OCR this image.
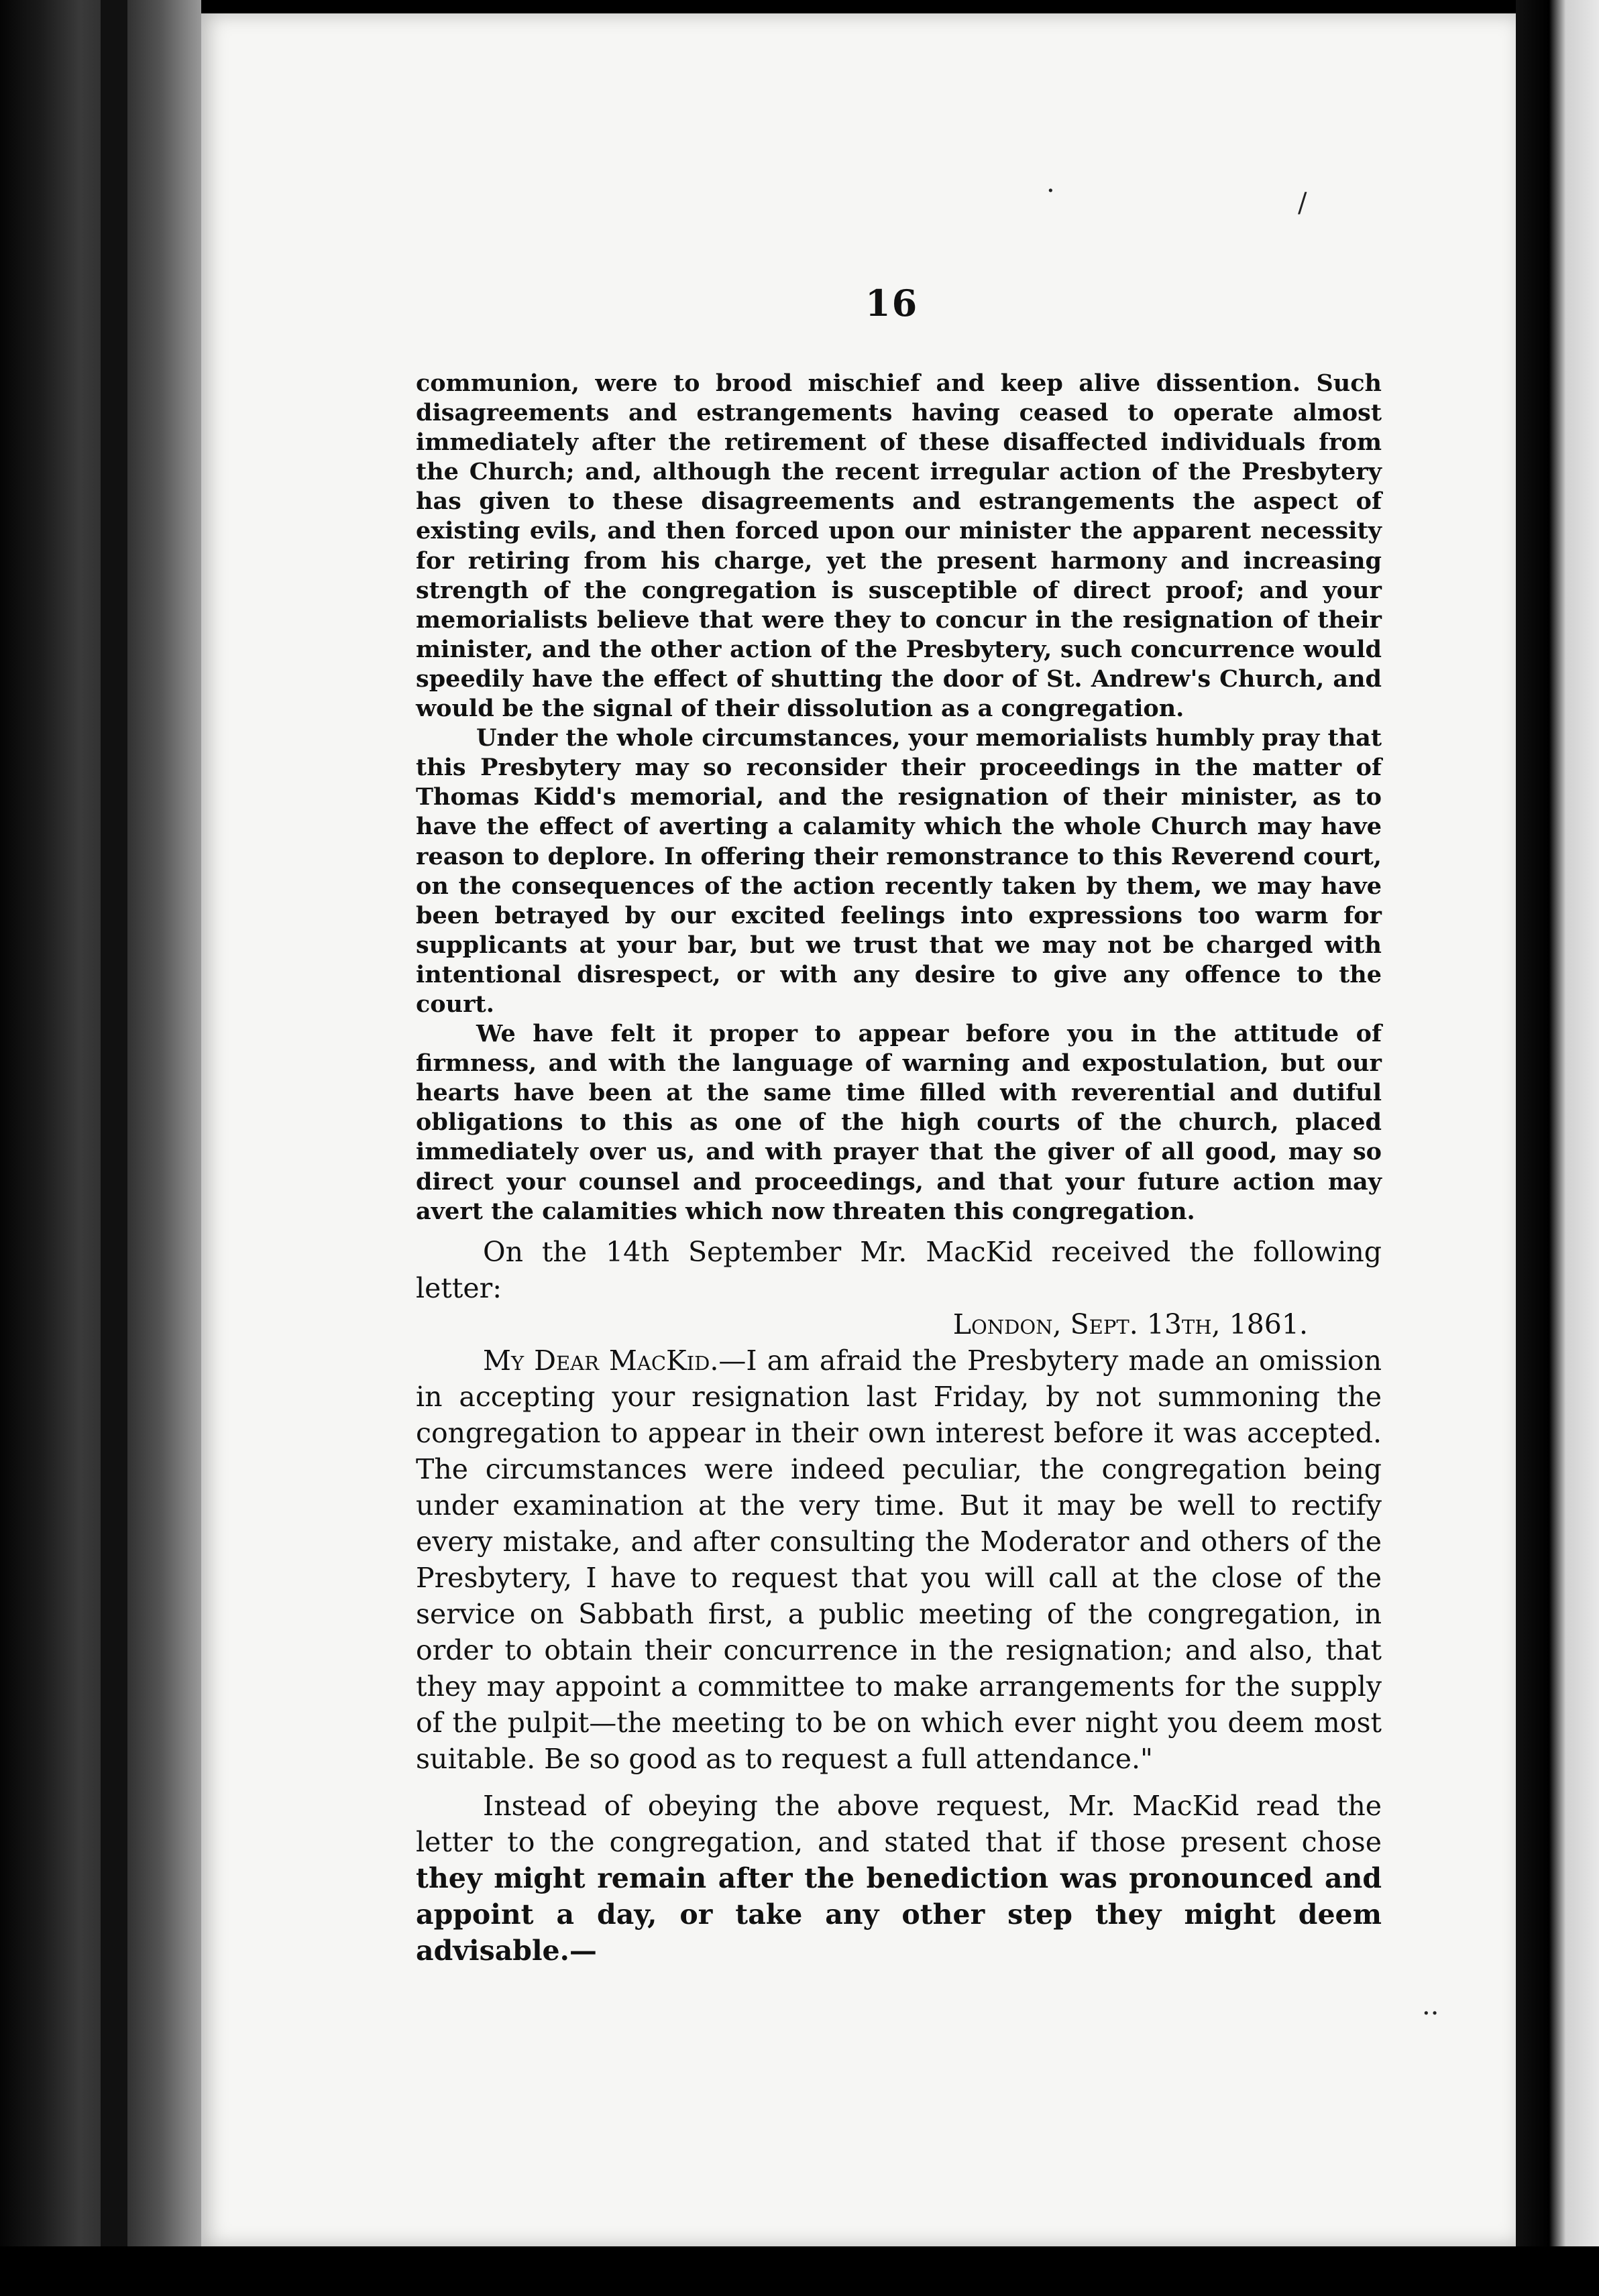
·	/
··
16

communion, were to brood mischief and keep alive dissention. Such disagreements and estrangements having ceased to operate almost immediately after the retirement of these disaffected individuals from the Church; and, although the recent irregular action of the Presbytery has given to these disagreements and estrangements the aspect of existing evils, and then forced upon our minister the apparent necessity for retiring from his charge, yet the present harmony and increasing strength of the congregation is susceptible of direct proof; and your memorialists believe that were they to concur in the resignation of their minister, and the other action of the Presbytery, such concurrence would speedily have the effect of shutting the door of St. Andrew's Church, and would be the signal of their dissolution as a congregation.

Under the whole circumstances, your memorialists humbly pray that this Presbytery may so reconsider their proceedings in the matter of Thomas Kidd's memorial, and the resignation of their minister, as to have the effect of averting a calamity which the whole Church may have reason to deplore. In offering their remonstrance to this Reverend court, on the consequences of the action recently taken by them, we may have been betrayed by our excited feelings into expressions too warm for supplicants at your bar, but we trust that we may not be charged with intentional disrespect, or with any desire to give any offence to the court.

We have felt it proper to appear before you in the attitude of firmness, and with the language of warning and expostulation, but our hearts have been at the same time filled with reverential and dutiful obligations to this as one of the high courts of the church, placed immediately over us, and with prayer that the giver of all good, may so direct your counsel and proceedings, and that your future action may avert the calamities which now threaten this congregation.

On the 14th September Mr. MacKid received the following letter:

London, Sept. 13th, 1861.

My Dear MacKid.—I am afraid the Presbytery made an omission in accepting your resignation last Friday, by not summoning the congregation to appear in their own interest before it was accepted. The circumstances were indeed peculiar, the congregation being under examination at the very time. But it may be well to rectify every mistake, and after consulting the Moderator and others of the Presbytery, I have to request that you will call at the close of the service on Sabbath first, a public meeting of the congregation, in order to obtain their concurrence in the resignation; and also, that they may appoint a committee to make arrangements for the supply of the pulpit—the meeting to be on which ever night you deem most suitable. Be so good as to request a full attendance."

Instead of obeying the above request, Mr. MacKid read the letter to the congregation, and stated that if those present chose they might remain after the benediction was pronounced and appoint a day, or take any other step they might deem advisable.—
